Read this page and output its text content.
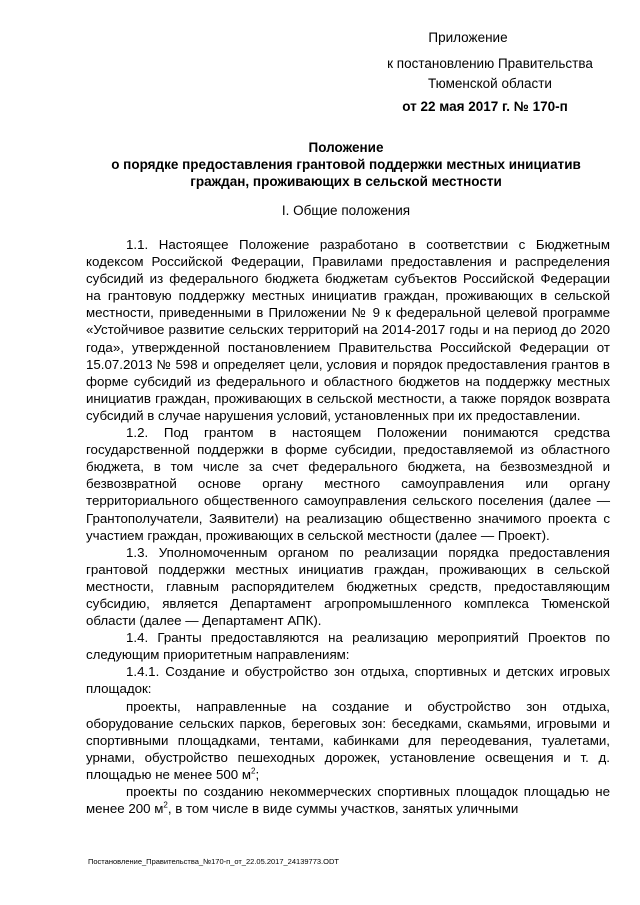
Приложение
к постановлению Правительства
Тюменской области
от 22 мая 2017 г. № 170-п
Положение
о порядке предоставления грантовой поддержки местных инициатив
граждан, проживающих в сельской местности
I. Общие положения

1.1. Настоящее Положение разработано в соответствии с Бюджетным кодексом Российской Федерации, Правилами предоставления и распределения субсидий из федерального бюджета бюджетам субъектов Российской Федерации на грантовую поддержку местных инициатив граждан, проживающих в сельской местности, приведенными в Приложении № 9 к федеральной целевой программе «Устойчивое развитие сельских территорий на 2014-2017 годы и на период до 2020 года», утвержденной постановлением Правительства Российской Федерации от 15.07.2013 № 598 и определяет цели, условия и порядок предоставления грантов в форме субсидий из федерального и областного бюджетов на поддержку местных инициатив граждан, проживающих в сельской местности, а также порядок возврата субсидий в случае нарушения условий, установленных при их предоставлении.

1.2. Под грантом в настоящем Положении понимаются средства государственной поддержки в форме субсидии, предоставляемой из областного бюджета, в том числе за счет федерального бюджета, на безвозмездной и безвозвратной основе органу местного самоуправления или органу территориального общественного самоуправления сельского поселения (далее — Грантополучатели, Заявители) на реализацию общественно значимого проекта с участием граждан, проживающих в сельской местности (далее — Проект).

1.3. Уполномоченным органом по реализации порядка предоставления грантовой поддержки местных инициатив граждан, проживающих в сельской местности, главным распорядителем бюджетных средств, предоставляющим субсидию, является Департамент агропромышленного комплекса Тюменской области (далее — Департамент АПК).

1.4. Гранты предоставляются на реализацию мероприятий Проектов по следующим приоритетным направлениям:

1.4.1. Создание и обустройство зон отдыха, спортивных и детских игровых площадок:

проекты, направленные на создание и обустройство зон отдыха, оборудование сельских парков, береговых зон: беседками, скамьями, игровыми и спортивными площадками, тентами, кабинками для переодевания, туалетами, урнами, обустройство пешеходных дорожек, установление освещения и т. д. площадью не менее 500 $м^2$;

проекты по созданию некоммерческих спортивных площадок площадью не менее 200 $м^2$, в том числе в виде суммы участков, занятых уличными

Постановление_Правительства_№170-п_от_22.05.2017_24139773.ODT
